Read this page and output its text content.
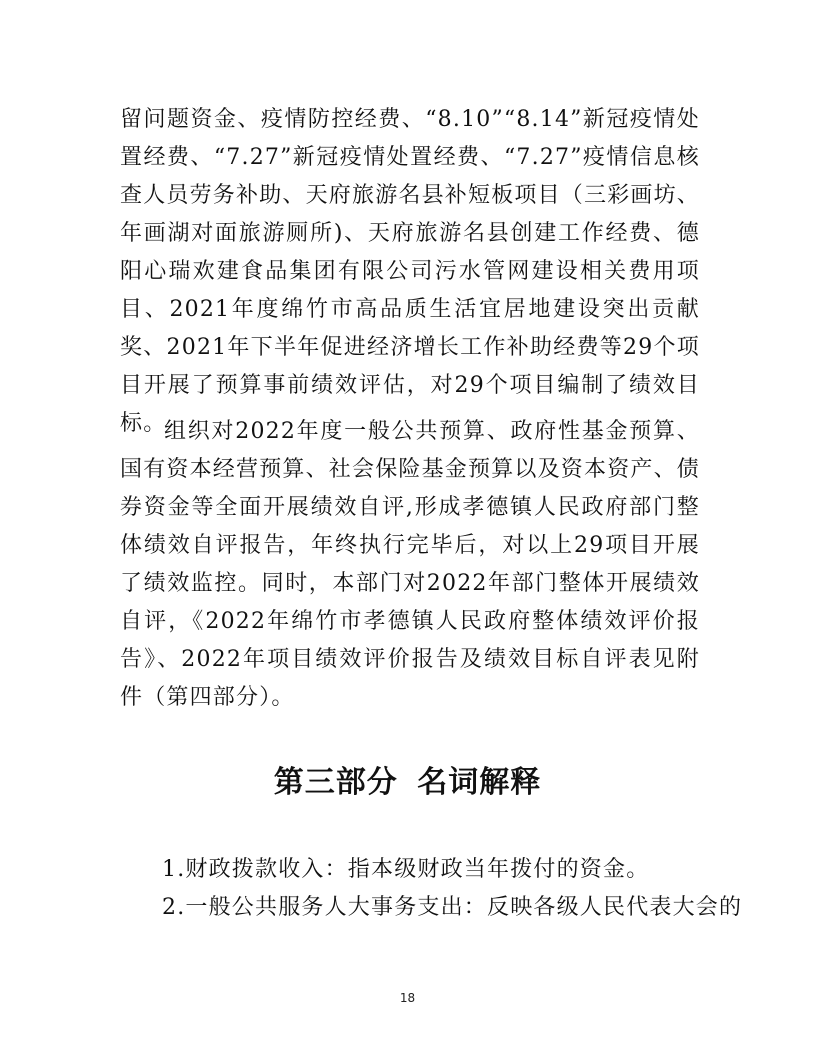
留问题资金、疫情防控经费、“8.10”“8.14”新冠疫情处置经费、“7.27”新冠疫情处置经费、“7.27”疫情信息核查人员劳务补助、天府旅游名县补短板项目（三彩画坊、年画湖对面旅游厕所)、天府旅游名县创建工作经费、德阳心瑞欢建食品集团有限公司污水管网建设相关费用项目、2021年度绵竹市高品质生活宜居地建设突出贡献奖、2021年下半年促进经济增长工作补助经费等29个项目开展了预算事前绩效评估，对29个项目编制了绩效目标。

组织对2022年度一般公共预算、政府性基金预算、国有资本经营预算、社会保险基金预算以及资本资产、债券资金等全面开展绩效自评,形成孝德镇人民政府部门整体绩效自评报告，年终执行完毕后，对以上29项目开展了绩效监控。同时，本部门对2022年部门整体开展绩效自评，《2022年绵竹市孝德镇人民政府整体绩效评价报告》、2022年项目绩效评价报告及绩效目标自评表见附件（第四部分）。

第三部分 名词解释

1.财政拨款收入：指本级财政当年拨付的资金。

2.一般公共服务人大事务支出：反映各级人民代表大会的

18
